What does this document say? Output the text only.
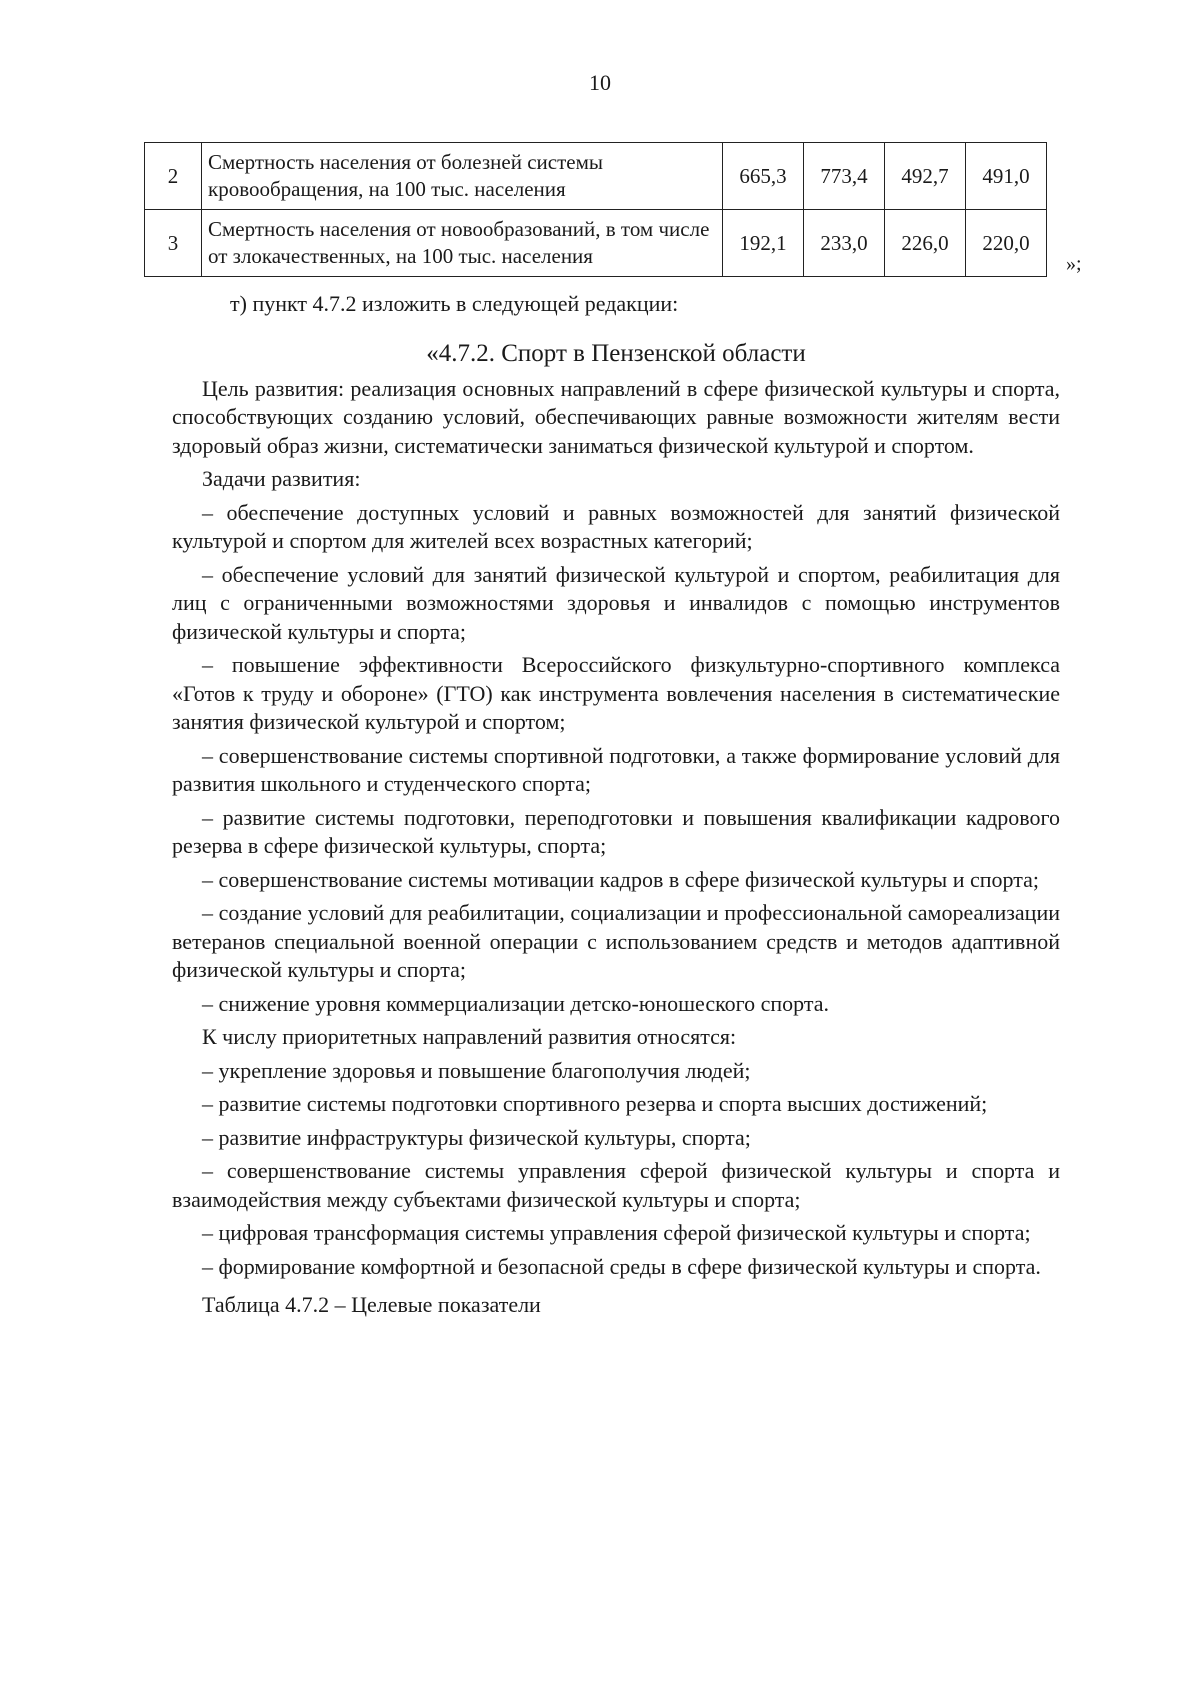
10
2	Смертность населения от болезней системы кровообращения, на 100 тыс. населения	665,3	773,4	492,7	491,0
3	Смертность населения от новообразований, в том числе от злокачественных, на 100 тыс. населения	192,1	233,0	226,0	220,0
»;

т) пункт 4.7.2 изложить в следующей редакции:

«4.7.2. Спорт в Пензенской области

Цель развития: реализация основных направлений в сфере физической культуры и спорта, способствующих созданию условий, обеспечивающих равные возможности жителям вести здоровый образ жизни, систематически заниматься физической культурой и спортом.

Задачи развития:

– обеспечение доступных условий и равных возможностей для занятий физической культурой и спортом для жителей всех возрастных категорий;

– обеспечение условий для занятий физической культурой и спортом, реабилитация для лиц с ограниченными возможностями здоровья и инвалидов с помощью инструментов физической культуры и спорта;

– повышение эффективности Всероссийского физкультурно-спортивного комплекса «Готов к труду и обороне» (ГТО) как инструмента вовлечения населения в систематические занятия физической культурой и спортом;

– совершенствование системы спортивной подготовки, а также формирование условий для развития школьного и студенческого спорта;

– развитие системы подготовки, переподготовки и повышения квалификации кадрового резерва в сфере физической культуры, спорта;

– совершенствование системы мотивации кадров в сфере физической культуры и спорта;

– создание условий для реабилитации, социализации и профессиональной самореализации ветеранов специальной военной операции с использованием средств и методов адаптивной физической культуры и спорта;

– снижение уровня коммерциализации детско-юношеского спорта.

К числу приоритетных направлений развития относятся:

– укрепление здоровья и повышение благополучия людей;

– развитие системы подготовки спортивного резерва и спорта высших достижений;

– развитие инфраструктуры физической культуры, спорта;

– совершенствование системы управления сферой физической культуры и спорта и взаимодействия между субъектами физической культуры и спорта;

– цифровая трансформация системы управления сферой физической культуры и спорта;

– формирование комфортной и безопасной среды в сфере физической культуры и спорта.

Таблица 4.7.2 – Целевые показатели
